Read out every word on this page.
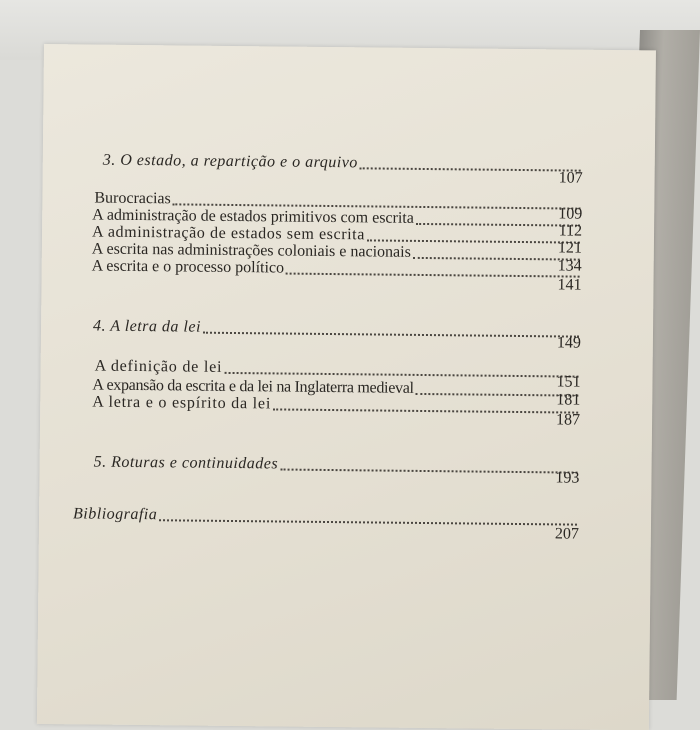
3. O estado, a repartição e o arquivo
107
Burocracias
109
A administração de estados primitivos com escrita
112
A administração de estados sem escrita
121
A escrita nas administrações coloniais e nacionais
134
A escrita e o processo político
141
4. A letra da lei
149
A definição de lei
151
A expansão da escrita e da lei na Inglaterra medieval
181
A letra e o espírito da lei
187
5. Roturas e continuidades
193
Bibliografia
207
